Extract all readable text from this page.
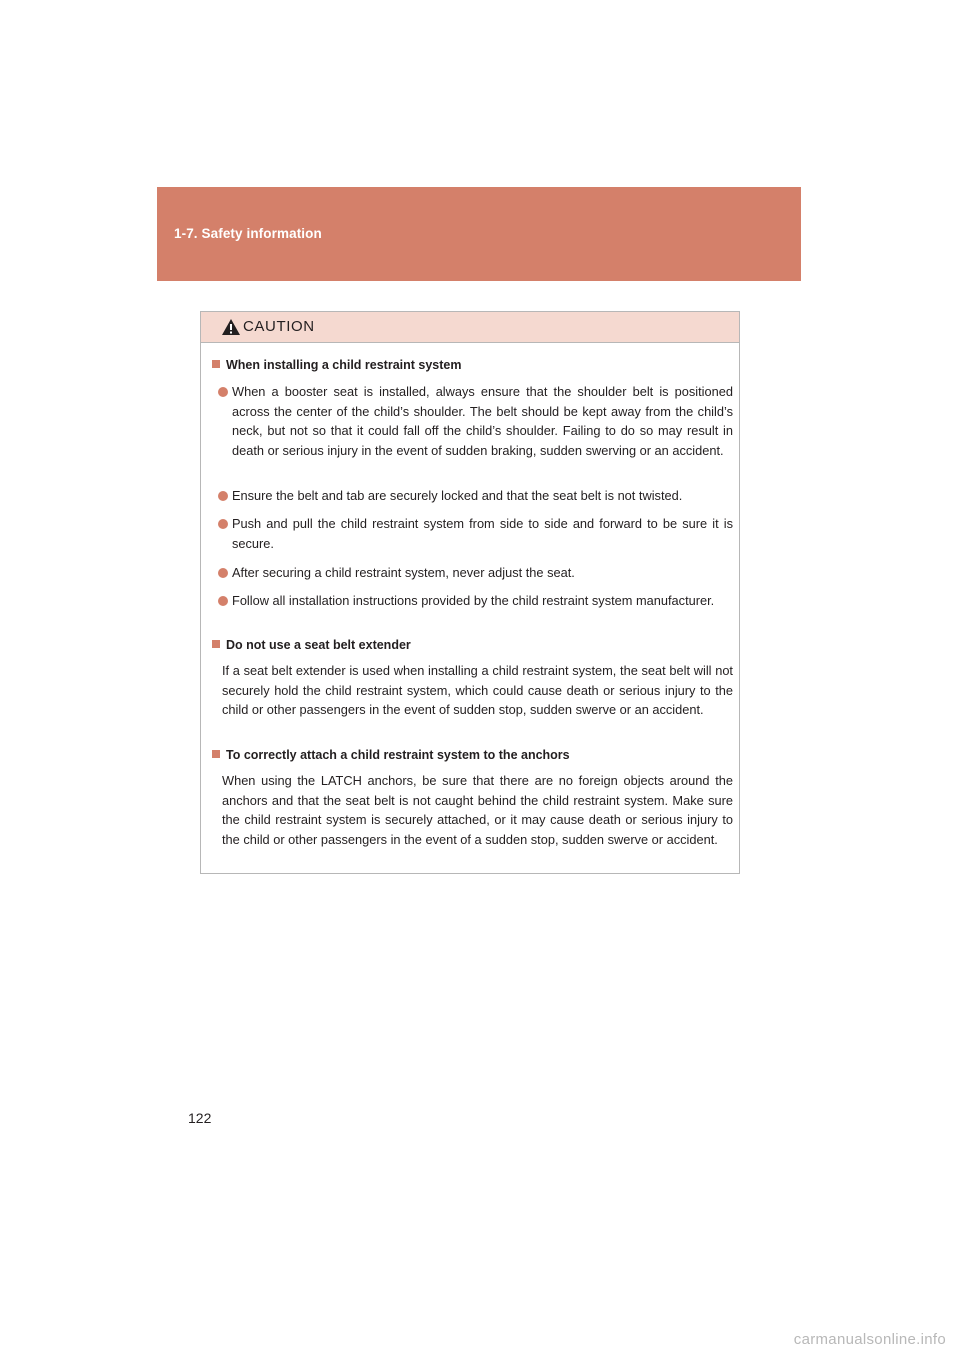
1-7. Safety information
CAUTION
When installing a child restraint system
When a booster seat is installed, always ensure that the shoulder belt is positioned across the center of the child’s shoulder. The belt should be kept away from the child’s neck, but not so that it could fall off the child’s shoulder. Failing to do so may result in death or serious injury in the event of sudden braking, sudden swerving or an accident.
Ensure the belt and tab are securely locked and that the seat belt is not twisted.
Push and pull the child restraint system from side to side and forward to be sure it is secure.
After securing a child restraint system, never adjust the seat.
Follow all installation instructions provided by the child restraint system manufacturer.
Do not use a seat belt extender
If a seat belt extender is used when installing a child restraint system, the seat belt will not securely hold the child restraint system, which could cause death or serious injury to the child or other passengers in the event of sudden stop, sudden swerve or an accident.
To correctly attach a child restraint system to the anchors
When using the LATCH anchors, be sure that there are no foreign objects around the anchors and that the seat belt is not caught behind the child restraint system. Make sure the child restraint system is securely attached, or it may cause death or serious injury to the child or other passengers in the event of a sudden stop, sudden swerve or accident.
122
carmanualsonline.info
